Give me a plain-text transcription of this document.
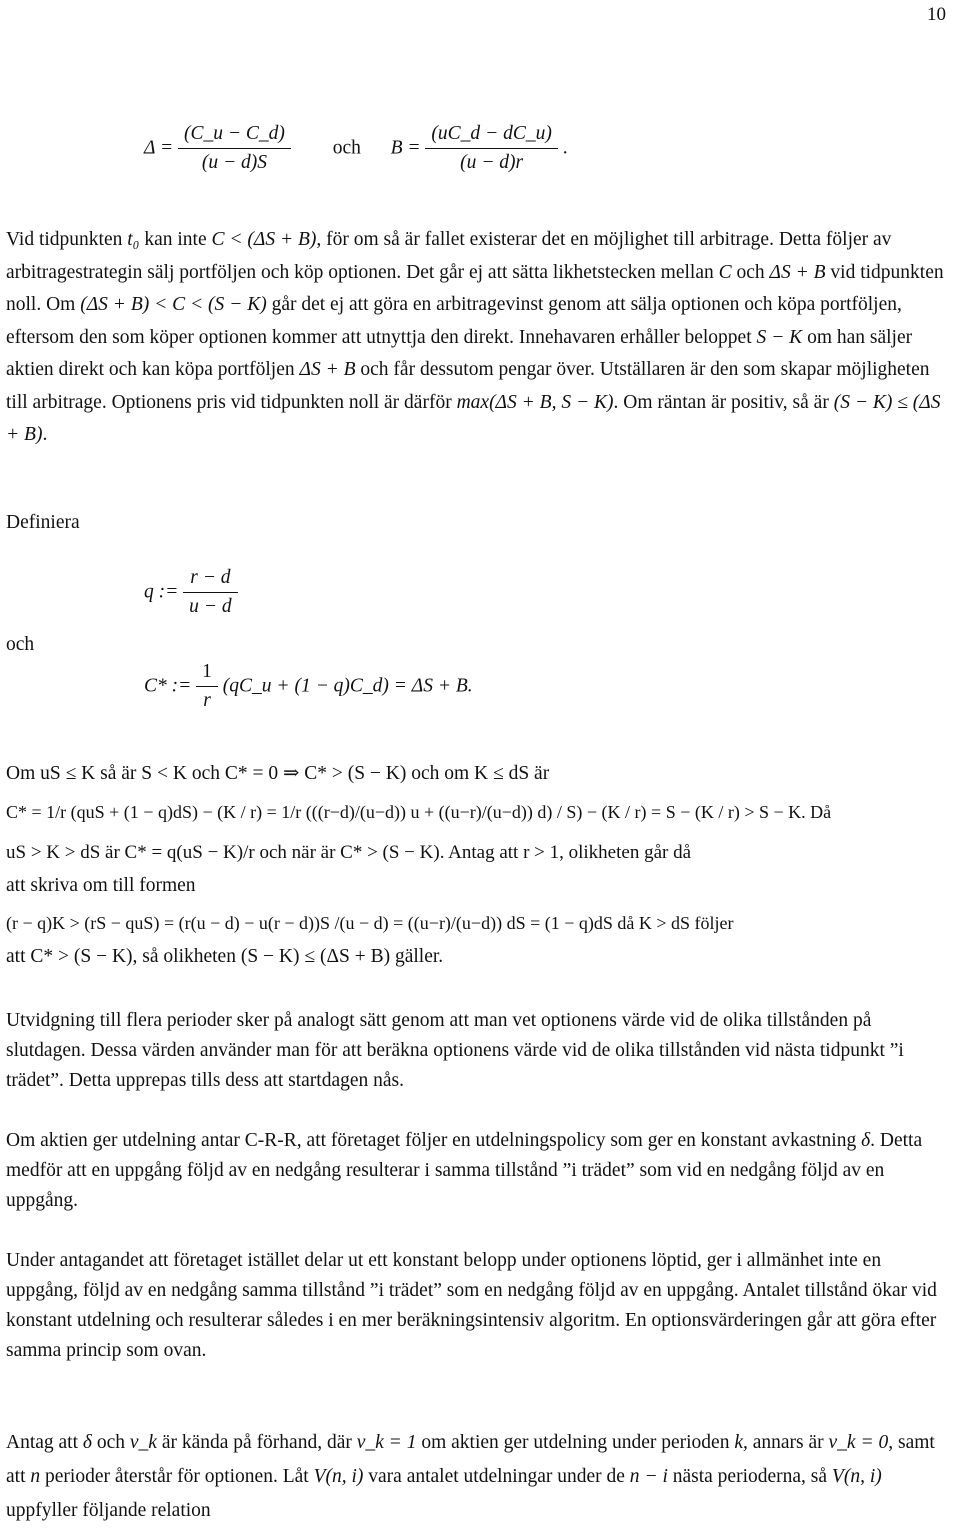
10
$\Delta = \frac{(C\_u - C\_d)}{(u - d)S}$ och $B = \frac{(uC\_d - dC\_u)}{(u - d)r}$ .
Vid tidpunkten t₀ kan inte C < (ΔS + B), för om så är fallet existerar det en möjlighet till arbitrage. Detta följer av arbitragestrategin sälj portföljen och köp optionen. Det går ej att sätta likhetstecken mellan C och ΔS + B vid tidpunkten noll. Om (ΔS + B) < C < (S − K) går det ej att göra en arbitragevinst genom att sälja optionen och köpa portföljen, eftersom den som köper optionen kommer att utnyttja den direkt. Innehavaren erhåller beloppet S − K om han säljer aktien direkt och kan köpa portföljen ΔS + B och får dessutom pengar över. Utställaren är den som skapar möjligheten till arbitrage. Optionens pris vid tidpunkten noll är därför max(ΔS + B, S − K). Om räntan är positiv, så är (S − K) ≤ (ΔS + B).
Definiera
q := $\frac{r - d}{u - d}$
och
C* := $\frac{1}{r}$ (qC_u + (1 − q)C_d) = ΔS + B.
Om uS ≤ K så är S < K och C* = 0 ⇒ C* > (S − K) och om K ≤ dS är
C* = 1/r (quS + (1 − q)dS) − (K / r) = 1/r (((r−d)/(u−d)) u + ((u−r)/(u−d)) d) / S) − (K / r) = S − (K / r) > S − K. Då
uS > K > dS är C* = q(uS − K)/r och när är C* > (S − K). Antag att r > 1, olikheten går då
att skriva om till formen
(r − q)K > (rS − quS) = (r(u − d) − u(r − d))S /(u − d) = ((u−r)/(u−d)) dS = (1 − q)dS då K > dS följer
att C* > (S − K), så olikheten (S − K) ≤ (ΔS + B) gäller.
Utvidgning till flera perioder sker på analogt sätt genom att man vet optionens värde vid de olika tillstånden på slutdagen. Dessa värden använder man för att beräkna optionens värde vid de olika tillstånden vid nästa tidpunkt ”i trädet”. Detta upprepas tills dess att startdagen nås.
Om aktien ger utdelning antar C-R-R, att företaget följer en utdelningspolicy som ger en konstant avkastning δ. Detta medför att en uppgång följd av en nedgång resulterar i samma tillstånd ”i trädet” som vid en nedgång följd av en uppgång.
Under antagandet att företaget istället delar ut ett konstant belopp under optionens löptid, ger i allmänhet inte en uppgång, följd av en nedgång samma tillstånd ”i trädet” som en nedgång följd av en uppgång. Antalet tillstånd ökar vid konstant utdelning och resulterar således i en mer beräkningsintensiv algoritm. En optionsvärderingen går att göra efter samma princip som ovan.
Antag att δ och v_k är kända på förhand, där v_k = 1 om aktien ger utdelning under perioden k, annars är v_k = 0, samt att n perioder återstår för optionen. Låt V(n, i) vara antalet utdelningar under de n − i nästa perioderna, så V(n, i) uppfyller följande relation
